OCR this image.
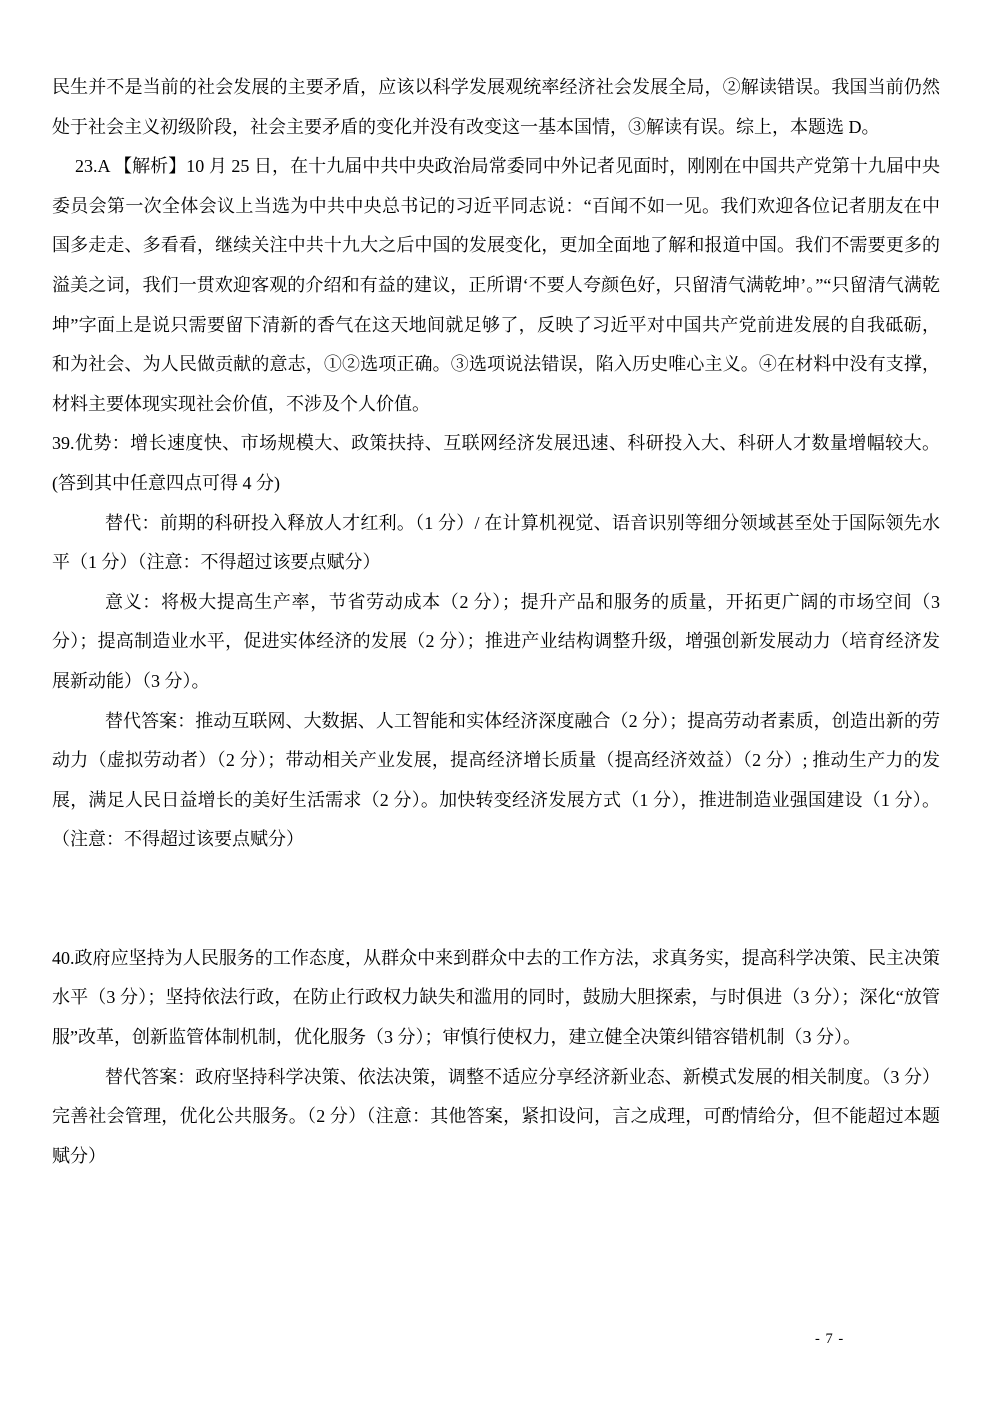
民生并不是当前的社会发展的主要矛盾，应该以科学发展观统率经济社会发展全局，②解读错误。我国当前仍然处于社会主义初级阶段，社会主要矛盾的变化并没有改变这一基本国情，③解读有误。综上，本题选 D。

23.A 【解析】10 月 25 日，在十九届中共中央政治局常委同中外记者见面时，刚刚在中国共产党第十九届中央委员会第一次全体会议上当选为中共中央总书记的习近平同志说：“百闻不如一见。我们欢迎各位记者朋友在中国多走走、多看看，继续关注中共十九大之后中国的发展变化，更加全面地了解和报道中国。我们不需要更多的溢美之词，我们一贯欢迎客观的介绍和有益的建议，正所谓‘不要人夸颜色好，只留清气满乾坤’。”“只留清气满乾坤”字面上是说只需要留下清新的香气在这天地间就足够了，反映了习近平对中国共产党前进发展的自我砥砺，和为社会、为人民做贡献的意志，①②选项正确。③选项说法错误，陷入历史唯心主义。④在材料中没有支撑，材料主要体现实现社会价值，不涉及个人价值。

39.优势：增长速度快、市场规模大、政策扶持、互联网经济发展迅速、科研投入大、科研人才数量增幅较大。(答到其中任意四点可得 4 分)

替代：前期的科研投入释放人才红利。（1 分）/ 在计算机视觉、语音识别等细分领域甚至处于国际领先水平（1 分）（注意：不得超过该要点赋分）

意义：将极大提高生产率，节省劳动成本（2 分）；提升产品和服务的质量，开拓更广阔的市场空间（3 分）；提高制造业水平，促进实体经济的发展（2 分）；推进产业结构调整升级，增强创新发展动力（培育经济发展新动能）（3 分）。

替代答案：推动互联网、大数据、人工智能和实体经济深度融合（2 分）；提高劳动者素质，创造出新的劳动力（虚拟劳动者）（2 分）；带动相关产业发展，提高经济增长质量（提高经济效益）（2 分）; 推动生产力的发展，满足人民日益增长的美好生活需求（2 分）。加快转变经济发展方式（1 分），推进制造业强国建设（1 分）。（注意：不得超过该要点赋分）

40.政府应坚持为人民服务的工作态度，从群众中来到群众中去的工作方法，求真务实，提高科学决策、民主决策水平（3 分）；坚持依法行政，在防止行政权力缺失和滥用的同时，鼓励大胆探索，与时俱进（3 分）；深化“放管服”改革，创新监管体制机制，优化服务（3 分）；审慎行使权力，建立健全决策纠错容错机制（3 分）。

替代答案：政府坚持科学决策、依法决策，调整不适应分享经济新业态、新模式发展的相关制度。（3 分）完善社会管理，优化公共服务。（2 分）（注意：其他答案，紧扣设问，言之成理，可酌情给分，但不能超过本题赋分）

- 7 -
